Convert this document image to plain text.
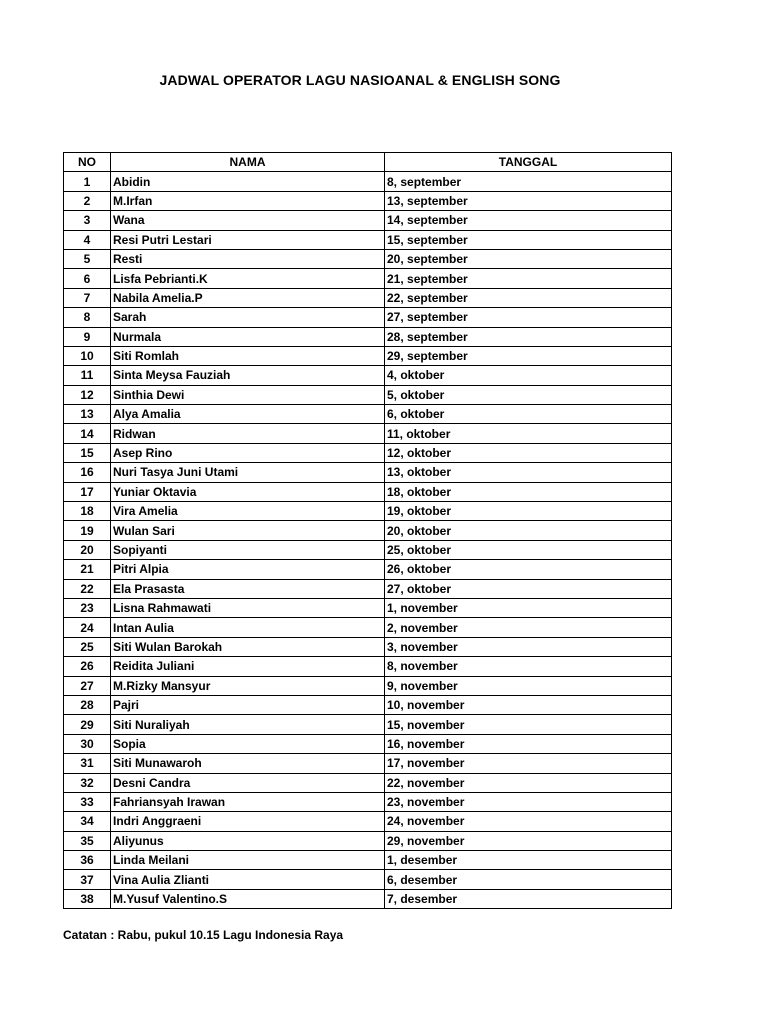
JADWAL OPERATOR LAGU NASIOANAL & ENGLISH SONG
NO	NAMA	TANGGAL
1	Abidin	8, september
2	M.Irfan	13, september
3	Wana	14, september
4	Resi Putri Lestari	15, september
5	Resti	20, september
6	Lisfa Pebrianti.K	21, september
7	Nabila Amelia.P	22, september
8	Sarah	27, september
9	Nurmala	28, september
10	Siti Romlah	29, september
11	Sinta Meysa Fauziah	4, oktober
12	Sinthia Dewi	5, oktober
13	Alya Amalia	6, oktober
14	Ridwan	11, oktober
15	Asep Rino	12, oktober
16	Nuri Tasya Juni Utami	13, oktober
17	Yuniar Oktavia	18, oktober
18	Vira Amelia	19, oktober
19	Wulan Sari	20, oktober
20	Sopiyanti	25, oktober
21	Pitri Alpia	26, oktober
22	Ela Prasasta	27, oktober
23	Lisna Rahmawati	1, november
24	Intan Aulia	2, november
25	Siti Wulan Barokah	3, november
26	Reidita Juliani	8, november
27	M.Rizky Mansyur	9, november
28	Pajri	10, november
29	Siti Nuraliyah	15, november
30	Sopia	16, november
31	Siti Munawaroh	17, november
32	Desni Candra	22, november
33	Fahriansyah Irawan	23, november
34	Indri Anggraeni	24, november
35	Aliyunus	29, november
36	Linda Meilani	1, desember
37	Vina Aulia Zlianti	6, desember
38	M.Yusuf Valentino.S	7, desember
Catatan : Rabu, pukul 10.15 Lagu Indonesia Raya
